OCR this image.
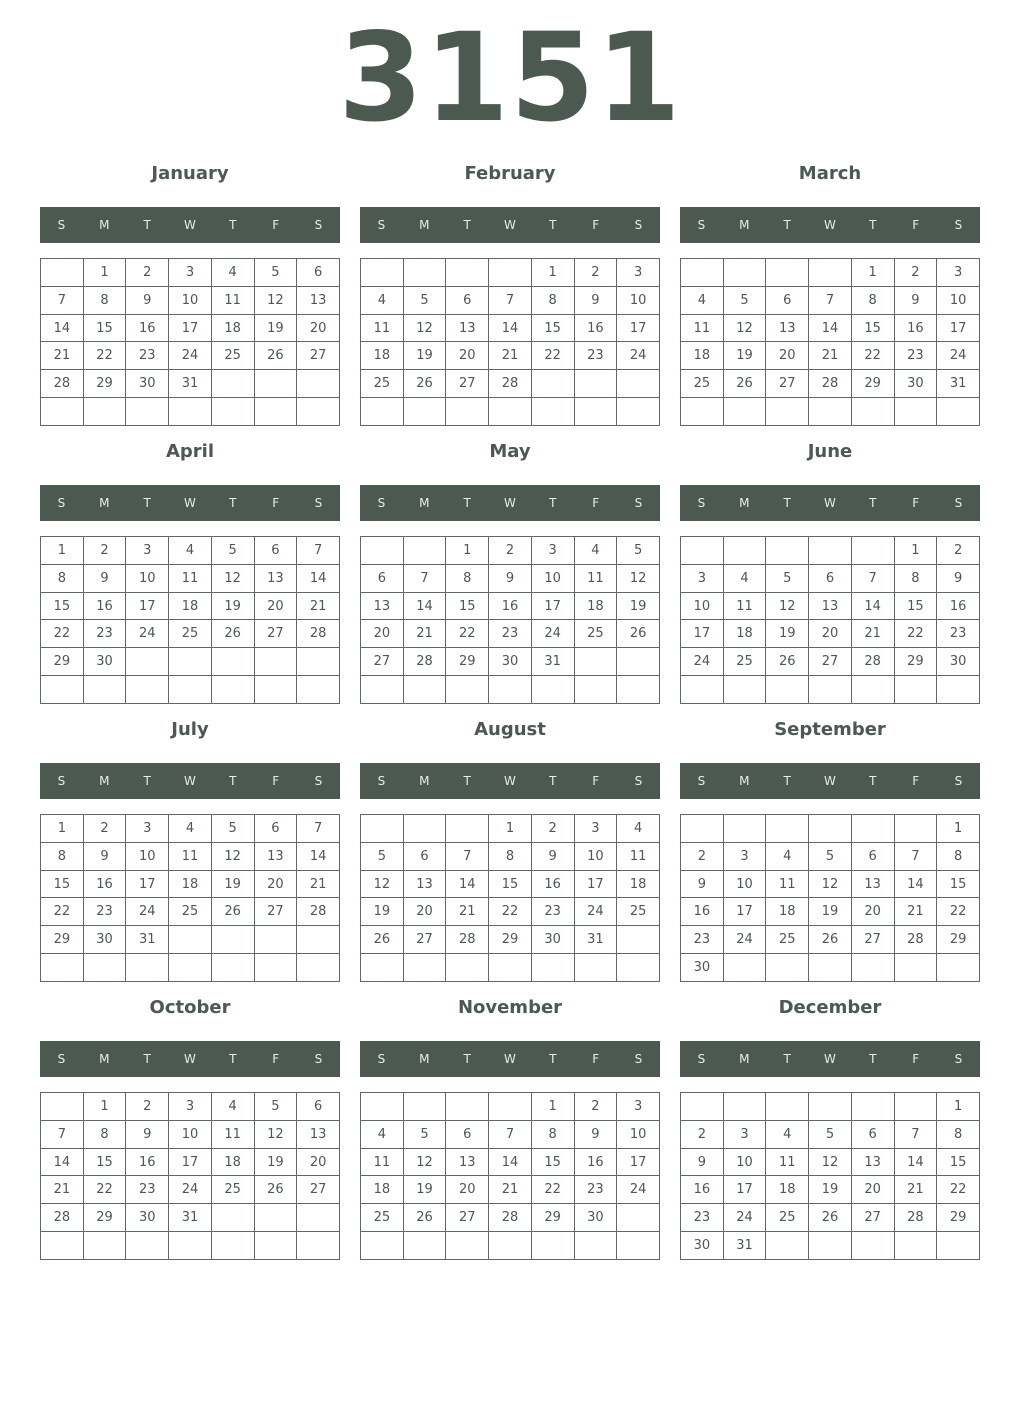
3151
January
S	M	T	W	T	F	S
	1	2	3	4	5	6
7	8	9	10	11	12	13
14	15	16	17	18	19	20
21	22	23	24	25	26	27
28	29	30	31			

February
S	M	T	W	T	F	S
				1	2	3
4	5	6	7	8	9	10
11	12	13	14	15	16	17
18	19	20	21	22	23	24
25	26	27	28			

March
S	M	T	W	T	F	S
				1	2	3
4	5	6	7	8	9	10
11	12	13	14	15	16	17
18	19	20	21	22	23	24
25	26	27	28	29	30	31

April
S	M	T	W	T	F	S
1	2	3	4	5	6	7
8	9	10	11	12	13	14
15	16	17	18	19	20	21
22	23	24	25	26	27	28
29	30					

May
S	M	T	W	T	F	S
		1	2	3	4	5
6	7	8	9	10	11	12
13	14	15	16	17	18	19
20	21	22	23	24	25	26
27	28	29	30	31		

June
S	M	T	W	T	F	S
					1	2
3	4	5	6	7	8	9
10	11	12	13	14	15	16
17	18	19	20	21	22	23
24	25	26	27	28	29	30

July
S	M	T	W	T	F	S
1	2	3	4	5	6	7
8	9	10	11	12	13	14
15	16	17	18	19	20	21
22	23	24	25	26	27	28
29	30	31				

August
S	M	T	W	T	F	S
			1	2	3	4
5	6	7	8	9	10	11
12	13	14	15	16	17	18
19	20	21	22	23	24	25
26	27	28	29	30	31	

September
S	M	T	W	T	F	S
						1
2	3	4	5	6	7	8
9	10	11	12	13	14	15
16	17	18	19	20	21	22
23	24	25	26	27	28	29
30						
October
S	M	T	W	T	F	S
	1	2	3	4	5	6
7	8	9	10	11	12	13
14	15	16	17	18	19	20
21	22	23	24	25	26	27
28	29	30	31			

November
S	M	T	W	T	F	S
				1	2	3
4	5	6	7	8	9	10
11	12	13	14	15	16	17
18	19	20	21	22	23	24
25	26	27	28	29	30	

December
S	M	T	W	T	F	S
						1
2	3	4	5	6	7	8
9	10	11	12	13	14	15
16	17	18	19	20	21	22
23	24	25	26	27	28	29
30	31					
